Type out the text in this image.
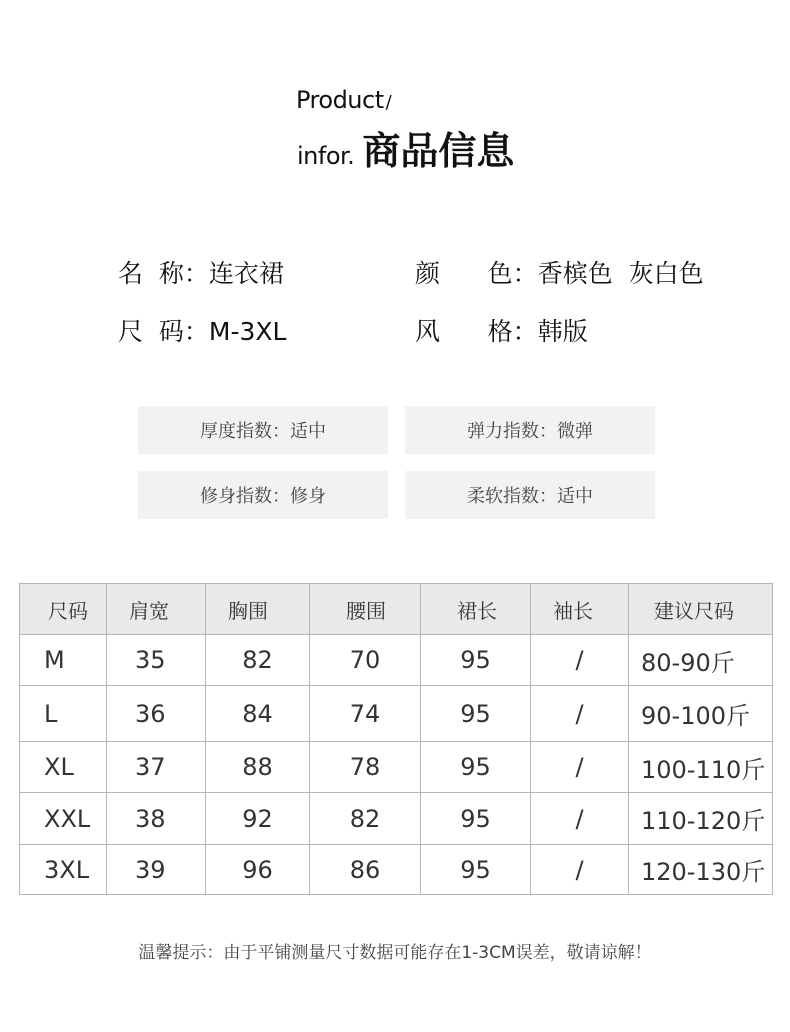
Product /
infor. 商品信息
名  称：连衣裙	颜      色：香槟色  灰白色
尺  码：M-3XL	风      格：韩版
厚度指数：适中	弹力指数：微弹
修身指数：修身	柔软指数：适中
尺码	肩宽	胸围	腰围	裙长	袖长	建议尺码
M	35	82	70	95	/	80-90斤
L	36	84	74	95	/	90-100斤
XL	37	88	78	95	/	100-110斤
XXL	38	92	82	95	/	110-120斤
3XL	39	96	86	95	/	120-130斤
温馨提示：由于平铺测量尺寸数据可能存在1-3CM误差，敬请谅解！
